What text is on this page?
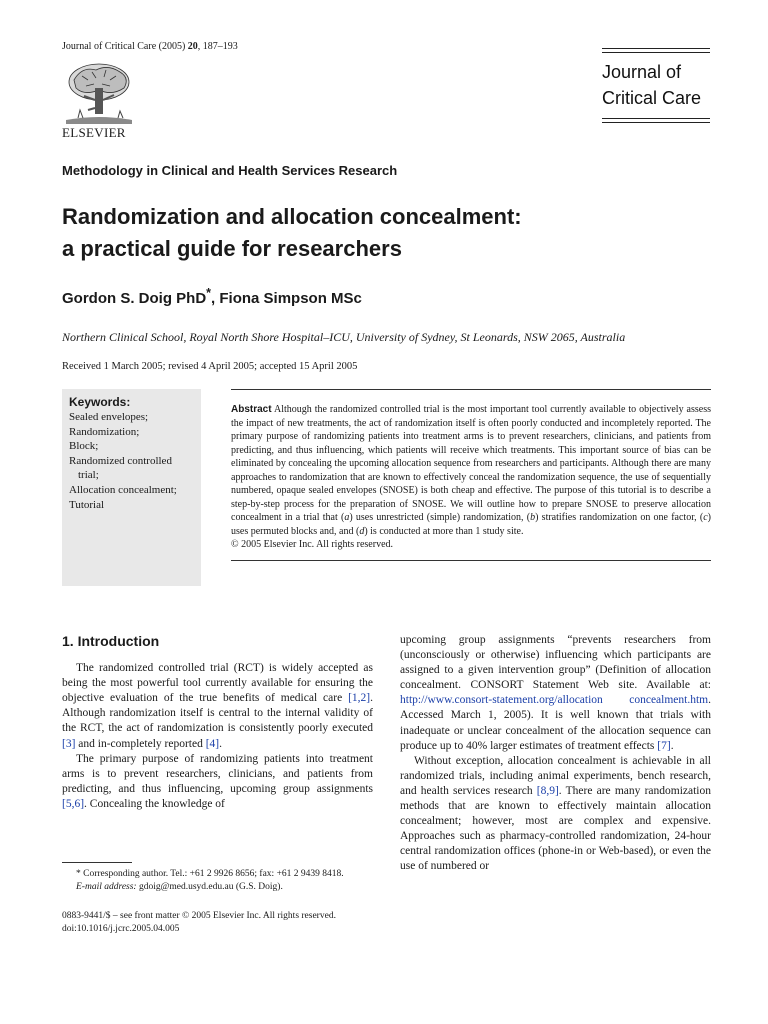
Journal of Critical Care (2005) 20, 187–193
ELSEVIER
Journal of
Critical Care
Methodology in Clinical and Health Services Research
Randomization and allocation concealment:
a practical guide for researchers
Gordon S. Doig PhD*, Fiona Simpson MSc
Northern Clinical School, Royal North Shore Hospital–ICU, University of Sydney, St Leonards, NSW 2065, Australia
Received 1 March 2005; revised 4 April 2005; accepted 15 April 2005
Keywords:
Sealed envelopes;
Randomization;
Block;
Randomized controlled
trial;
Allocation concealment;
Tutorial

Abstract Although the randomized controlled trial is the most important tool currently available to objectively assess the impact of new treatments, the act of randomization itself is often poorly conducted and incompletely reported. The primary purpose of randomizing patients into treatment arms is to prevent researchers, clinicians, and patients from predicting, and thus influencing, which patients will receive which treatments. This important source of bias can be eliminated by concealing the upcoming allocation sequence from researchers and participants. Although there are many approaches to randomization that are known to effectively conceal the randomization sequence, the use of sequentially numbered, opaque sealed envelopes (SNOSE) is both cheap and effective. The purpose of this tutorial is to describe a step-by-step process for the preparation of SNOSE. We will outline how to prepare SNOSE to preserve allocation concealment in a trial that (a) uses unrestricted (simple) randomization, (b) stratifies randomization on one factor, (c) uses permuted blocks and, and (d) is conducted at more than 1 study site.

© 2005 Elsevier Inc. All rights reserved.

1. Introduction

The randomized controlled trial (RCT) is widely accepted as being the most powerful tool currently available for ensuring the objective evaluation of the true benefits of medical care [1,2]. Although randomization itself is central to the internal validity of the RCT, the act of randomization is consistently poorly executed [3] and in-completely reported [4].

The primary purpose of randomizing patients into treatment arms is to prevent researchers, clinicians, and patients from predicting, and thus influencing, upcoming group assignments [5,6]. Concealing the knowledge of

upcoming group assignments “prevents researchers from (unconsciously or otherwise) influencing which participants are assigned to a given intervention group” (Definition of allocation concealment. CONSORT Statement Web site. Available at: http://www.consort-statement.org/allocation concealment.htm. Accessed March 1, 2005). It is well known that trials with inadequate or unclear concealment of the allocation sequence can produce up to 40% larger estimates of treatment effects [7].

Without exception, allocation concealment is achievable in all randomized trials, including animal experiments, bench research, and health services research [8,9]. There are many randomization methods that are known to effectively maintain allocation concealment; however, most are complex and expensive. Approaches such as pharmacy-controlled randomization, 24-hour central randomization offices (phone-in or Web-based), or even the use of numbered or

* Corresponding author. Tel.: +61 2 9926 8656; fax: +61 2 9439 8418.
E-mail address: gdoig@med.usyd.edu.au (G.S. Doig).
0883-9441/$ – see front matter © 2005 Elsevier Inc. All rights reserved.
doi:10.1016/j.jcrc.2005.04.005
